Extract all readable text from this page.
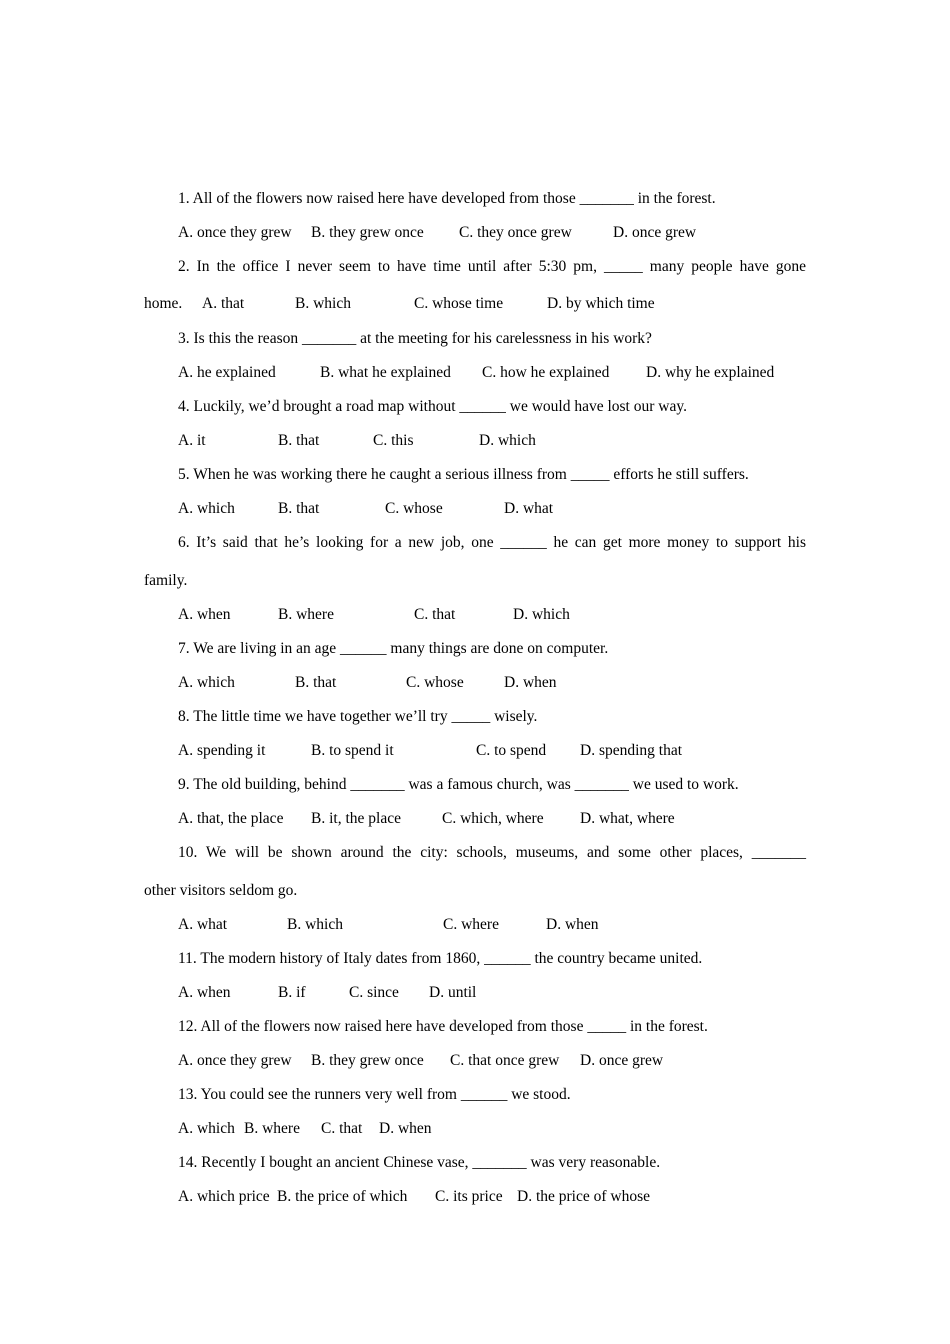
1. All of the flowers now raised here have developed from those _______ in the forest.
A. once they grew B. they grew once C. they once grew	D. once grew
2. In the office I never seem to have time until after 5:30 pm, _____ many people have gone
home. A. that	B. which	C. whose time	D. by which time
3. Is this the reason _______ at the meeting for his carelessness in his work?
A. he explained	B. what he explained C. how he explained D. why he explained
4. Luckily, we’d brought a road map without ______ we would have lost our way.
A. it	B. that	C. this	D. which
5. When he was working there he caught a serious illness from _____ efforts he still suffers.
A. which	B. that	C. whose	D. what
6. It’s said that he’s looking for a new job, one ______ he can get more money to support his
family.
A. when	B. where	C. that	D. which
7. We are living in an age ______ many things are done on computer.
A. which	B. that	C. whose	D. when
8. The little time we have together we’ll try _____ wisely.
A. spending it	B. to spend it	C. to spend D. spending that
9. The old building, behind _______ was a famous church, was _______ we used to work.
A. that, the place B. it, the place	C. which, where D. what, where
10. We will be shown around the city: schools, museums, and some other places, _______
other visitors seldom go.
A. what	B. which	C. where	D. when
11. The modern history of Italy dates from 1860, ______ the country became united.
A. when	B. if	C. since D. until
12. All of the flowers now raised here have developed from those _____ in the forest.
A. once they grew B. they grew once C. that once grew D. once grew
13. You could see the runners very well from ______ we stood.
A. which B. where C. that D. when
14. Recently I bought an ancient Chinese vase, _______ was very reasonable.
A. which price B. the price of which C. its price D. the price of whose
